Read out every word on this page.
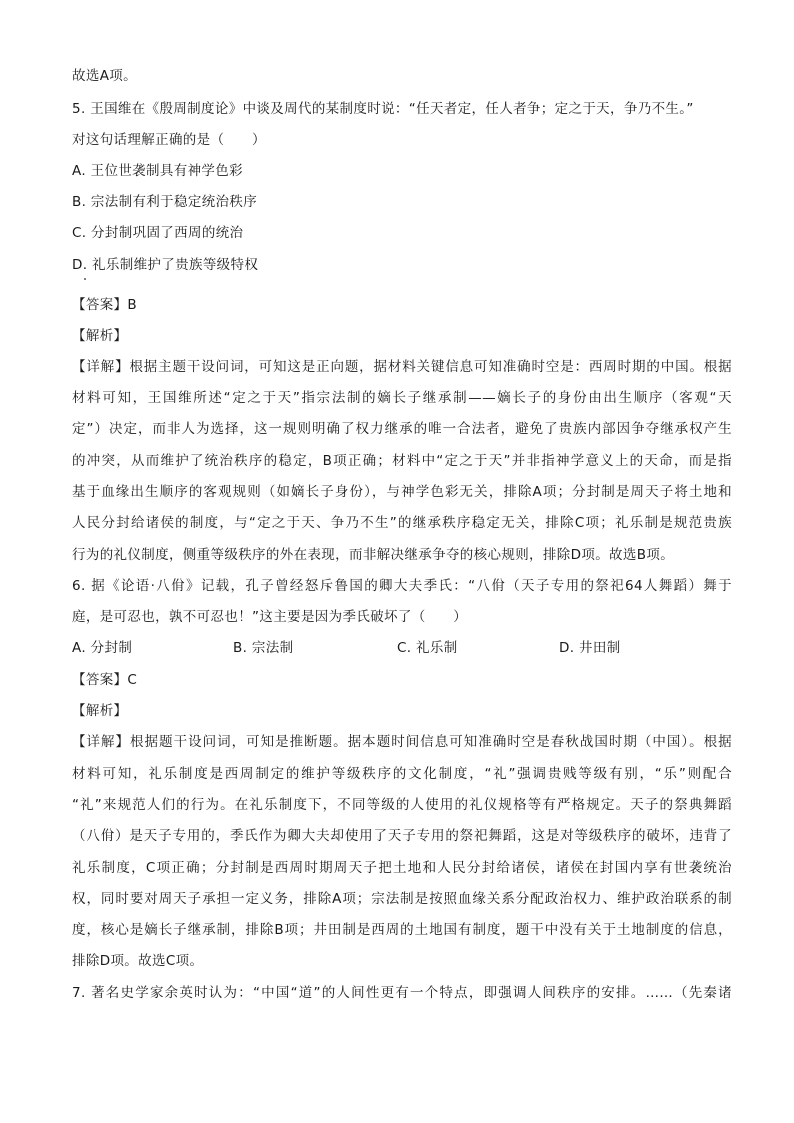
故选A项。
5. 王国维在《殷周制度论》中谈及周代的某制度时说：“任天者定，任人者争；定之于天，争乃不生。”
对这句话理解正确的是（　　）
A. 王位世袭制具有神学色彩
B. 宗法制有利于稳定统治秩序
C. 分封制巩固了西周的统治
D. 礼乐制维护了贵族等级特权
【答案】B
【解析】
【详解】根据主题干设问词，可知这是正向题，据材料关键信息可知准确时空是：西周时期的中国。根据
材料可知，王国维所述“定之于天”指宗法制的嫡长子继承制——嫡长子的身份由出生顺序（客观“天
定”）决定，而非人为选择，这一规则明确了权力继承的唯一合法者，避免了贵族内部因争夺继承权产生
的冲突，从而维护了统治秩序的稳定，B项正确；材料中“定之于天”并非指神学意义上的天命，而是指
基于血缘出生顺序的客观规则（如嫡长子身份），与神学色彩无关，排除A项；分封制是周天子将土地和
人民分封给诸侯的制度，与“定之于天、争乃不生”的继承秩序稳定无关，排除C项；礼乐制是规范贵族
行为的礼仪制度，侧重等级秩序的外在表现，而非解决继承争夺的核心规则，排除D项。故选B项。
6. 据《论语·八佾》记载，孔子曾经怒斥鲁国的卿大夫季氏：“八佾（天子专用的祭祀64人舞蹈）舞于
庭，是可忍也，孰不可忍也！”这主要是因为季氏破坏了（　　）
A. 分封制	B. 宗法制	C. 礼乐制	D. 井田制
【答案】C
【解析】
【详解】根据题干设问词，可知是推断题。据本题时间信息可知准确时空是春秋战国时期（中国）。根据
材料可知，礼乐制度是西周制定的维护等级秩序的文化制度，“礼”强调贵贱等级有别，“乐”则配合
“礼”来规范人们的行为。在礼乐制度下，不同等级的人使用的礼仪规格等有严格规定。天子的祭典舞蹈
（八佾）是天子专用的，季氏作为卿大夫却使用了天子专用的祭祀舞蹈，这是对等级秩序的破坏，违背了
礼乐制度，C项正确；分封制是西周时期周天子把土地和人民分封给诸侯，诸侯在封国内享有世袭统治
权，同时要对周天子承担一定义务，排除A项；宗法制是按照血缘关系分配政治权力、维护政治联系的制
度，核心是嫡长子继承制，排除B项；井田制是西周的土地国有制度，题干中没有关于土地制度的信息，
排除D项。故选C项。
7. 著名史学家余英时认为：“中国“道”的人间性更有一个特点，即强调人间秩序的安排。……（先秦诸
